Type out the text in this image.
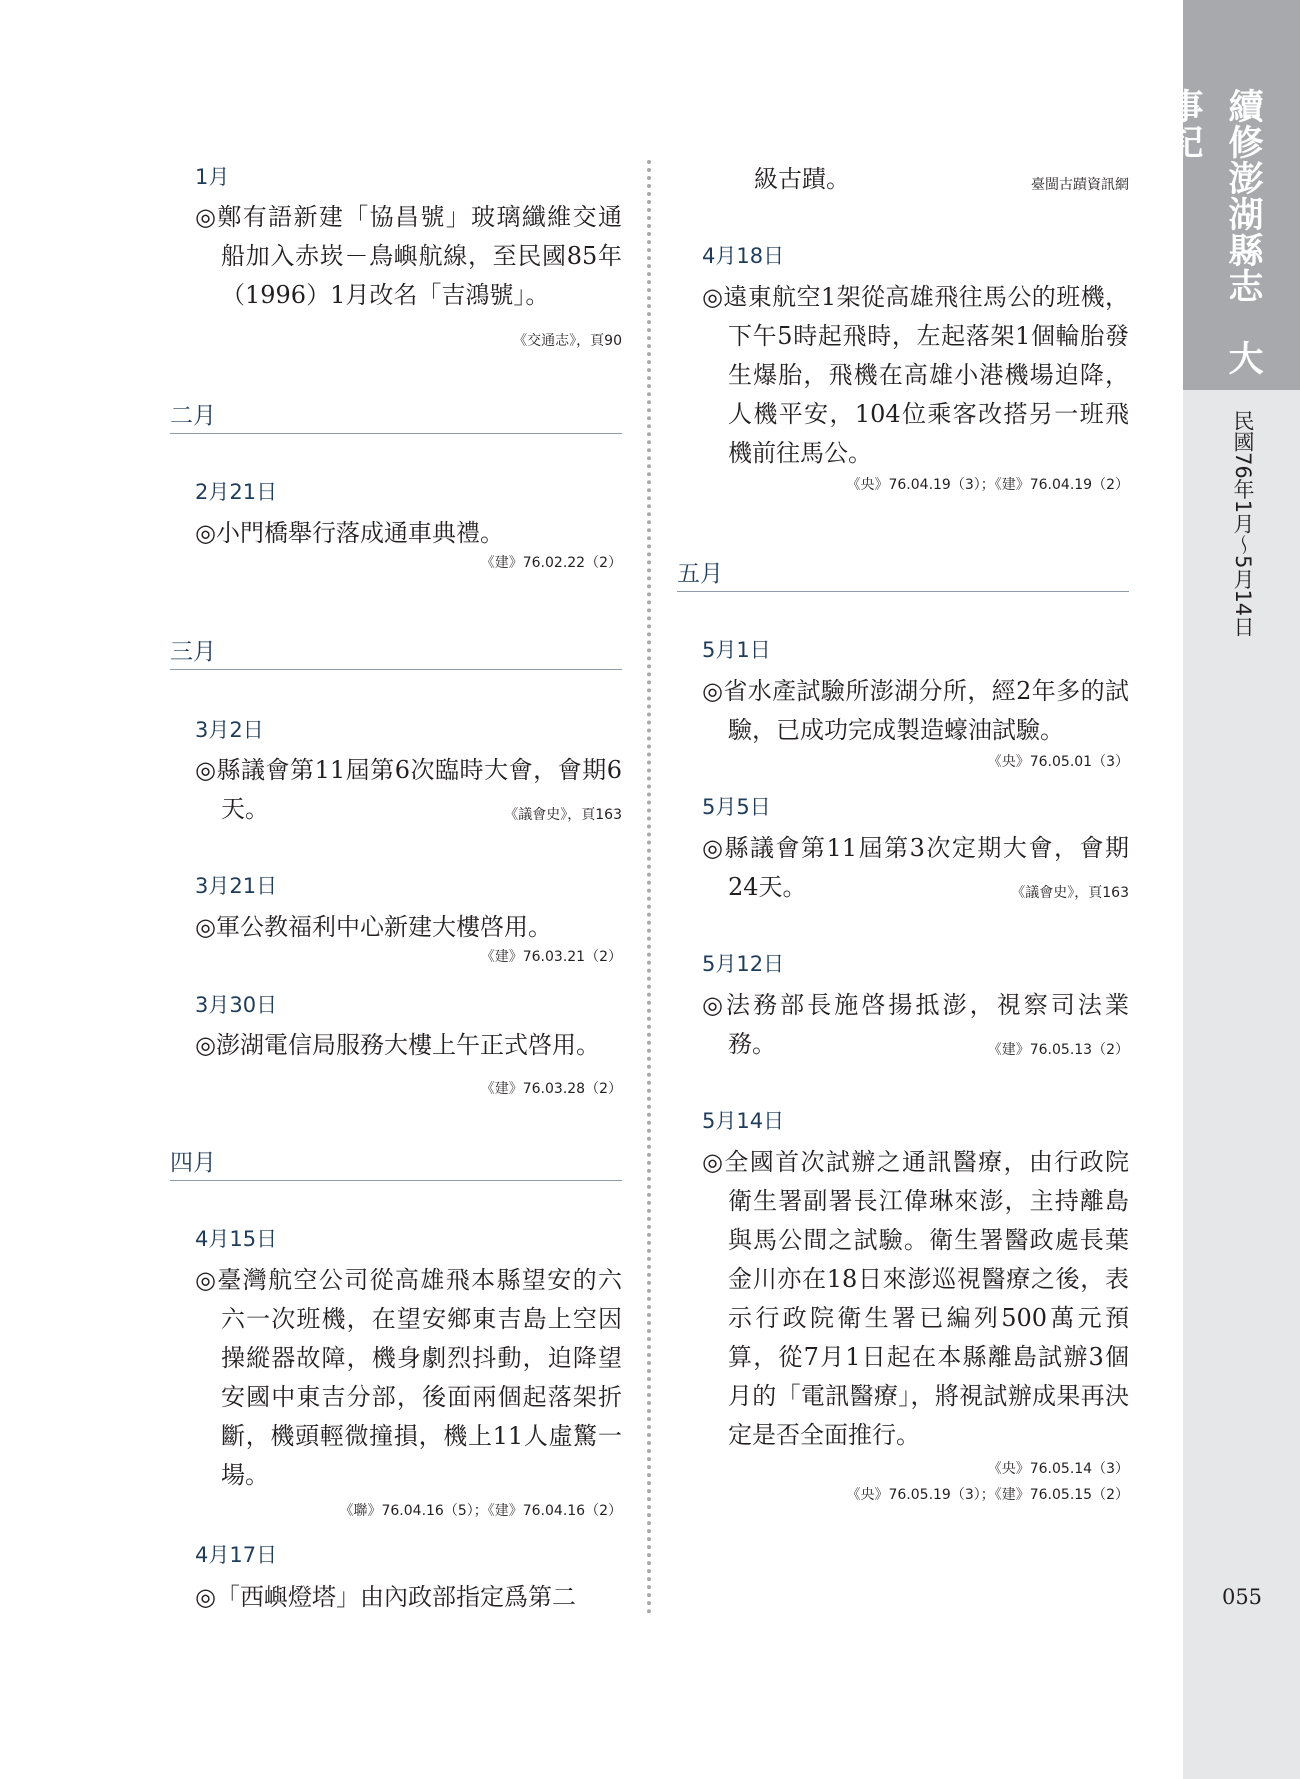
1月
◎鄭有語新建「協昌號」玻璃纖維交通船加入赤崁－鳥嶼航線，至民國85年（1996）1月改名「吉鴻號」。
《交通志》，頁90
二月
2月21日
◎小門橋舉行落成通車典禮。
《建》76.02.22（2）
三月
3月2日
◎縣議會第11屆第6次臨時大會，會期6天。	《議會史》，頁163
3月21日
◎軍公教福利中心新建大樓啓用。
《建》76.03.21（2）
3月30日
◎澎湖電信局服務大樓上午正式啓用。
《建》76.03.28（2）
四月
4月15日
◎臺灣航空公司從高雄飛本縣望安的六六一次班機，在望安鄉東吉島上空因操縱器故障，機身劇烈抖動，迫降望安國中東吉分部，後面兩個起落架折斷，機頭輕微撞損，機上11人虛驚一場。
《聯》76.04.16（5）；《建》76.04.16（2）
4月17日
◎「西嶼燈塔」由內政部指定爲第二
級古蹟。	臺閩古蹟資訊網
4月18日
◎遠東航空1架從高雄飛往馬公的班機，下午5時起飛時，左起落架1個輪胎發生爆胎，飛機在高雄小港機場迫降，人機平安，104位乘客改搭另一班飛機前往馬公。
《央》76.04.19（3）；《建》76.04.19（2）
五月
5月1日
◎省水產試驗所澎湖分所，經2年多的試驗，已成功完成製造蠔油試驗。
《央》76.05.01（3）
5月5日
◎縣議會第11屆第3次定期大會，會期24天。	《議會史》，頁163
5月12日
◎法務部長施啓揚抵澎，視察司法業務。	《建》76.05.13（2）
5月14日
◎全國首次試辦之通訊醫療，由行政院衛生署副署長江偉琳來澎，主持離島與馬公間之試驗。衛生署醫政處長葉金川亦在18日來澎巡視醫療之後，表示行政院衛生署已編列500萬元預算，從7月1日起在本縣離島試辦3個月的「電訊醫療」，將視試辦成果再決定是否全面推行。
《央》76.05.14（3）
《央》76.05.19（3）；《建》76.05.15（2）
續修澎湖縣志　大事記
民國76年1月～5月14日
055
